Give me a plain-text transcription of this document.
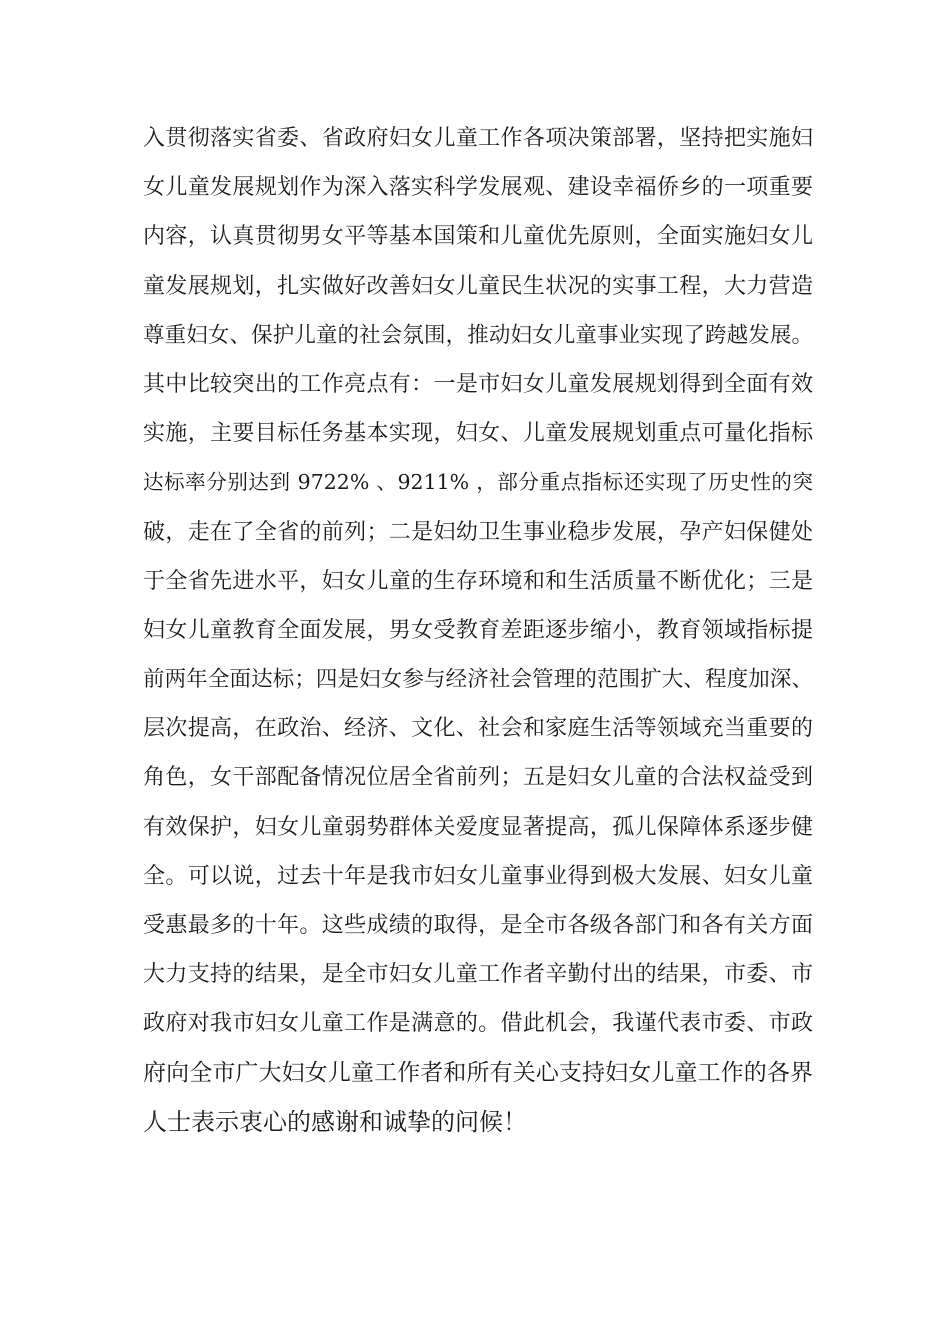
入贯彻落实省委、省政府妇女儿童工作各项决策部署，坚持把实施妇
女儿童发展规划作为深入落实科学发展观、建设幸福侨乡的一项重要
内容，认真贯彻男女平等基本国策和儿童优先原则，全面实施妇女儿
童发展规划，扎实做好改善妇女儿童民生状况的实事工程，大力营造
尊重妇女、保护儿童的社会氛围，推动妇女儿童事业实现了跨越发展。
其中比较突出的工作亮点有：一是市妇女儿童发展规划得到全面有效
实施，主要目标任务基本实现，妇女、儿童发展规划重点可量化指标
达标率分别达到 9722% 、9211% ，部分重点指标还实现了历史性的突
破，走在了全省的前列；二是妇幼卫生事业稳步发展，孕产妇保健处
于全省先进水平，妇女儿童的生存环境和和生活质量不断优化；三是
妇女儿童教育全面发展，男女受教育差距逐步缩小，教育领域指标提
前两年全面达标；四是妇女参与经济社会管理的范围扩大、程度加深、
层次提高，在政治、经济、文化、社会和家庭生活等领域充当重要的
角色，女干部配备情况位居全省前列；五是妇女儿童的合法权益受到
有效保护，妇女儿童弱势群体关爱度显著提高，孤儿保障体系逐步健
全。可以说，过去十年是我市妇女儿童事业得到极大发展、妇女儿童
受惠最多的十年。这些成绩的取得，是全市各级各部门和各有关方面
大力支持的结果，是全市妇女儿童工作者辛勤付出的结果，市委、市
政府对我市妇女儿童工作是满意的。借此机会，我谨代表市委、市政
府向全市广大妇女儿童工作者和所有关心支持妇女儿童工作的各界
人士表示衷心的感谢和诚挚的问候！
